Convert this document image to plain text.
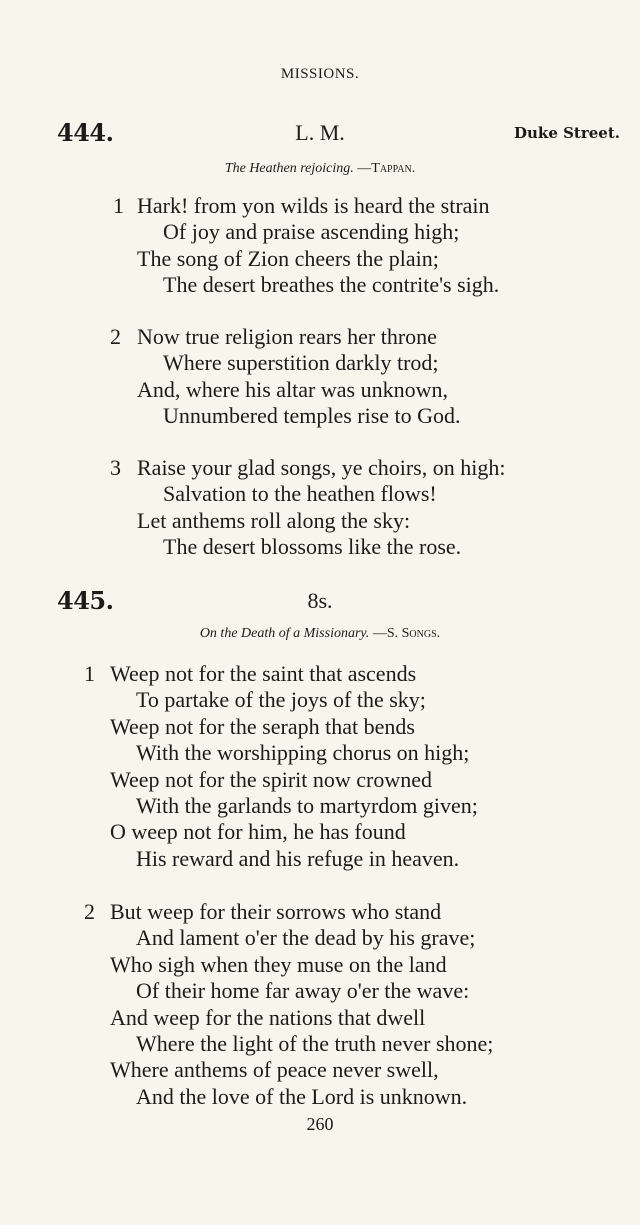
MISSIONS.
444.	L. M.	Duke Street.
The Heathen rejoicing. —Tappan.
1 Hark! from yon wilds is heard the strain
Of joy and praise ascending high;
The song of Zion cheers the plain;
The desert breathes the contrite's sigh.
2 Now true religion rears her throne
Where superstition darkly trod;
And, where his altar was unknown,
Unnumbered temples rise to God.
3 Raise your glad songs, ye choirs, on high:
Salvation to the heathen flows!
Let anthems roll along the sky:
The desert blossoms like the rose.
445.	8s.
On the Death of a Missionary. —S. Songs.
1 Weep not for the saint that ascends
To partake of the joys of the sky;
Weep not for the seraph that bends
With the worshipping chorus on high;
Weep not for the spirit now crowned
With the garlands to martyrdom given;
O weep not for him, he has found
His reward and his refuge in heaven.
2 But weep for their sorrows who stand
And lament o'er the dead by his grave;
Who sigh when they muse on the land
Of their home far away o'er the wave:
And weep for the nations that dwell
Where the light of the truth never shone;
Where anthems of peace never swell,
And the love of the Lord is unknown.
260
